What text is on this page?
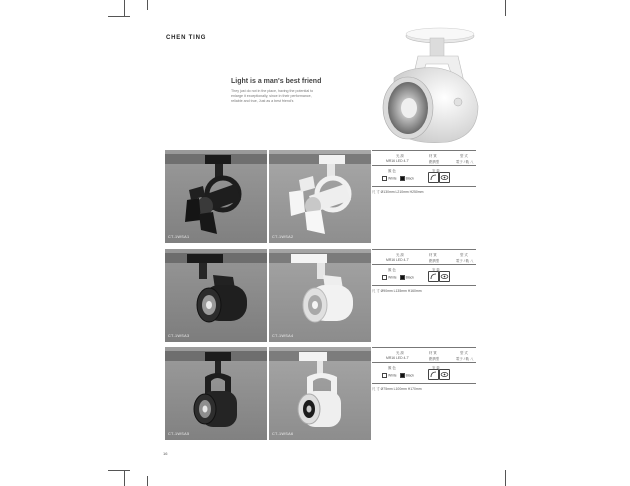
CHEN TING
Light is a man's best friend
They just do not in the place, having the potential to enlarge it exceptionally, since in their performance, reliable and true, Just as a best friend's
CT-1WSA1	CT-1WSA2
光 源	材 質	型 式
MR16 LED 4-7'	鋁擠型	電子 / 軌 八
顏 色	安 裝
White	Black
尺 寸 Ø130mm L210mm H250mm
CT-1WSA3	CT-1WSA4
光 源	材 質	型 式
MR16 LED 4-7'	鋁擠型	電子 / 軌 八
顏 色	安 裝
White	Black
尺 寸 Ø90mm L135mm H160mm
CT-1WSA5	CT-1WSA6
光 源	材 質	型 式
MR16 LED 4-7'	鋁擠型	電子 / 軌 八
顏 色	安 裝
White	Black
尺 寸 Ø75mm L100mm H170mm
16
